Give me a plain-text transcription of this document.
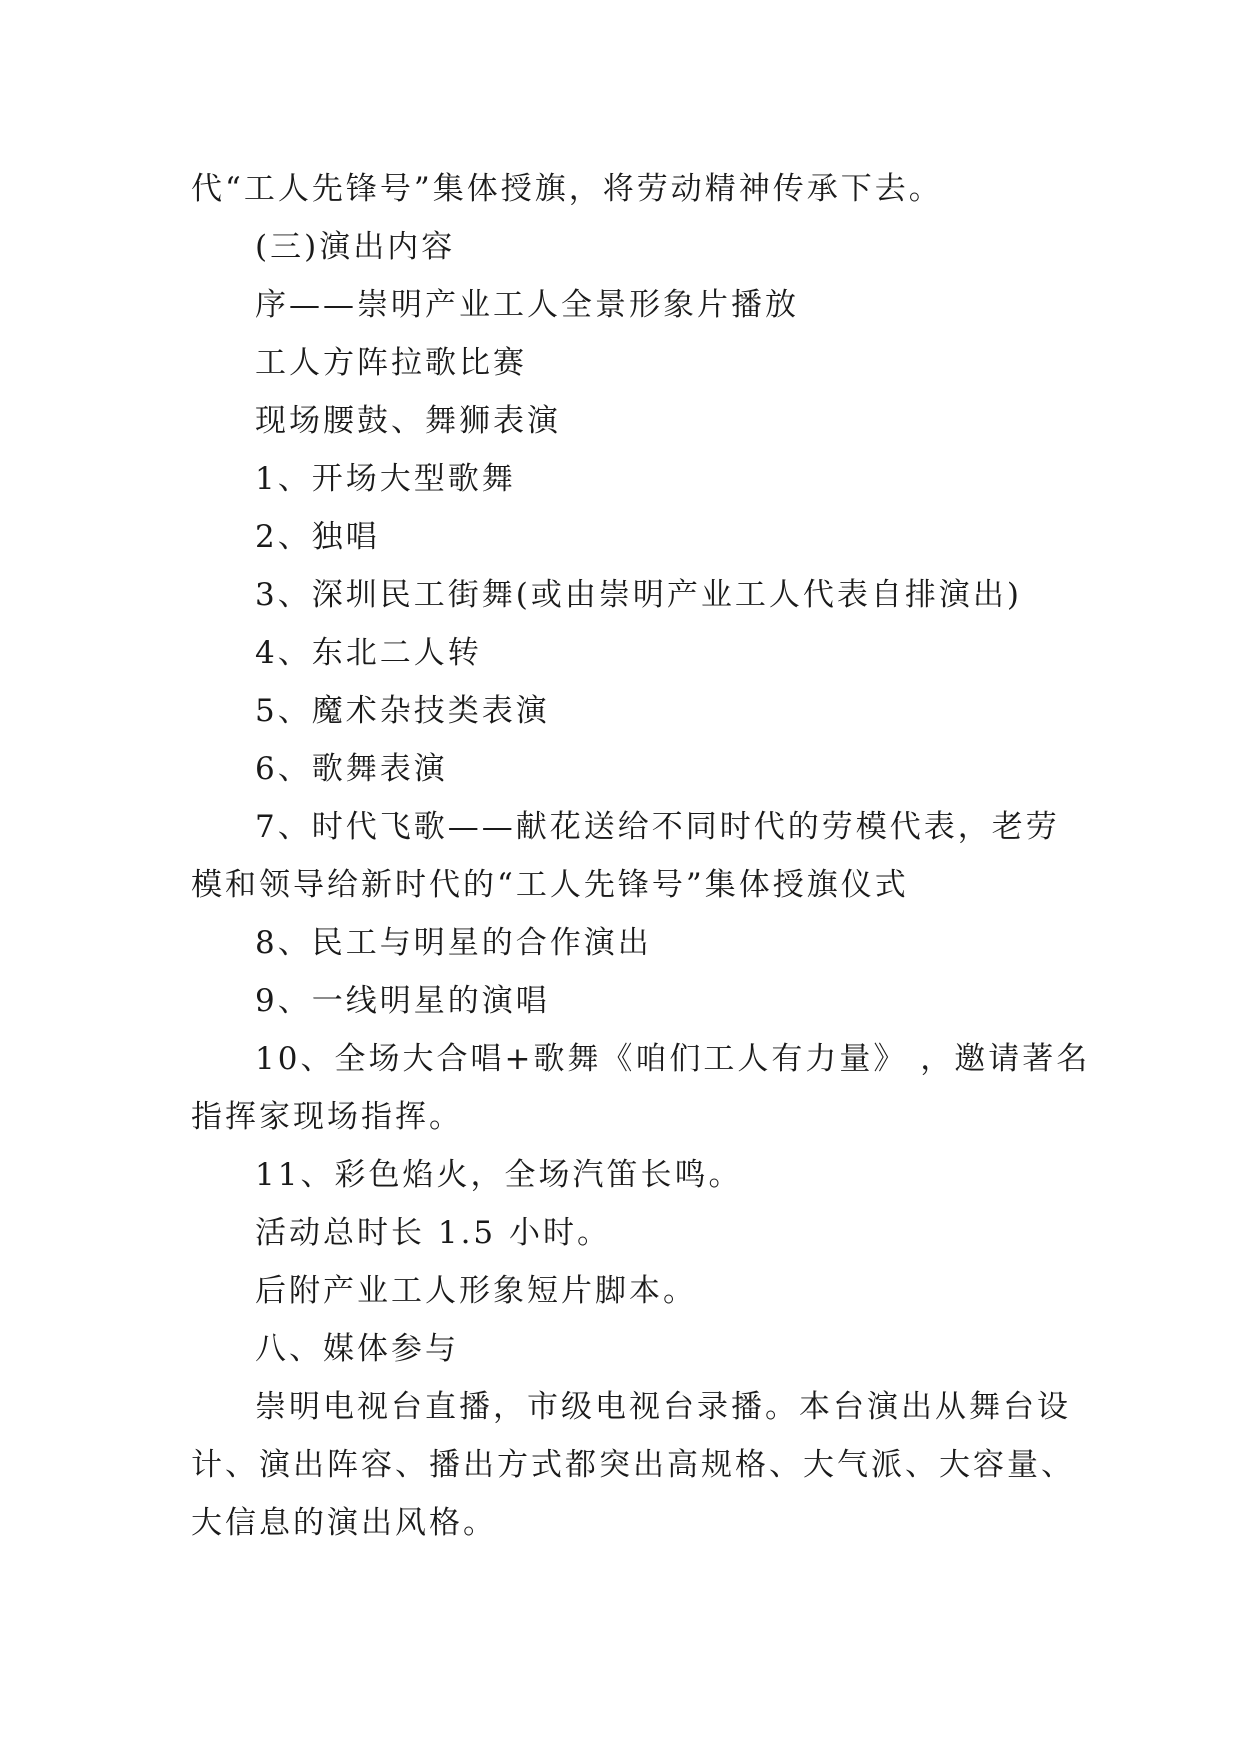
代“工人先锋号”集体授旗，将劳动精神传承下去。
(三)演出内容
序——崇明产业工人全景形象片播放
工人方阵拉歌比赛
现场腰鼓、舞狮表演
1、开场大型歌舞
2、独唱
3、深圳民工街舞(或由崇明产业工人代表自排演出)
4、东北二人转
5、魔术杂技类表演
6、歌舞表演
7、时代飞歌——献花送给不同时代的劳模代表，老劳
模和领导给新时代的“工人先锋号”集体授旗仪式
8、民工与明星的合作演出
9、一线明星的演唱
10、全场大合唱+歌舞《咱们工人有力量》 ，邀请著名
指挥家现场指挥。
11、彩色焰火，全场汽笛长鸣。
活动总时长 1.5 小时。
后附产业工人形象短片脚本。
八、媒体参与
崇明电视台直播，市级电视台录播。本台演出从舞台设
计、演出阵容、播出方式都突出高规格、大气派、大容量、
大信息的演出风格。
